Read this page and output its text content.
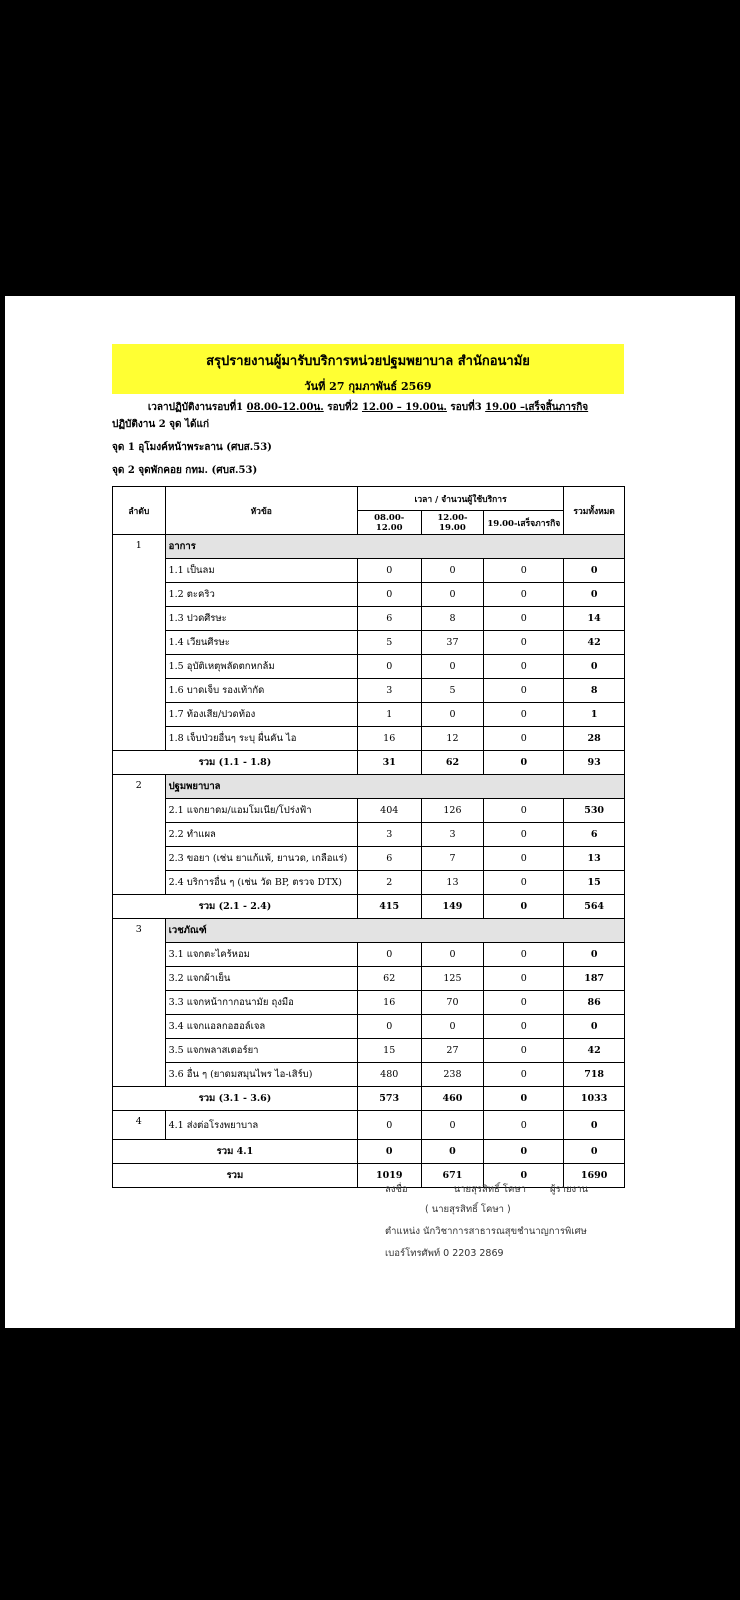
สรุปรายงานผู้มารับบริการหน่วยปฐมพยาบาล สำนักอนามัย
วันที่ 27 กุมภาพันธ์ 2569
เวลาปฏิบัติงานรอบที่1 08.00-12.00น. รอบที่2 12.00 – 19.00น. รอบที่3 19.00 –เสร็จสิ้นภารกิจ
ปฏิบัติงาน 2 จุด ได้แก่
จุด 1 อุโมงค์หน้าพระลาน (ศบส.53)
จุด 2 จุดพักคอย กทม. (ศบส.53)
ลำดับ	หัวข้อ	เวลา / จำนวนผู้ใช้บริการ			รวมทั้งหมด
		08.00-12.00	12.00-19.00	19.00-เสร็จภารกิจ	
1	อาการ				
	1.1 เป็นลม	0	0	0	0
	1.2 ตะคริว	0	0	0	0
	1.3 ปวดศีรษะ	6	8	0	14
	1.4 เวียนศีรษะ	5	37	0	42
	1.5 อุบัติเหตุพลัดตกหกล้ม	0	0	0	0
	1.6 บาดเจ็บ รองเท้ากัด	3	5	0	8
	1.7 ท้องเสีย/ปวดท้อง	1	0	0	1
	1.8 เจ็บป่วยอื่นๆ ระบุ ผื่นคัน ไอ	16	12	0	28
รวม (1.1 - 1.8)		31	62	0	93
2	ปฐมพยาบาล				
	2.1 แจกยาดม/แอมโมเนีย/โปร่งฟ้า	404	126	0	530
	2.2 ทำแผล	3	3	0	6
	2.3 ขอยา (เช่น ยาแก้แพ้, ยานวด, เกลือแร่)	6	7	0	13
	2.4 บริการอื่น ๆ (เช่น วัด BP, ตรวจ DTX)	2	13	0	15
รวม (2.1 - 2.4)		415	149	0	564
3	เวชภัณฑ์				
	3.1 แจกตะไคร้หอม	0	0	0	0
	3.2 แจกผ้าเย็น	62	125	0	187
	3.3 แจกหน้ากากอนามัย ถุงมือ	16	70	0	86
	3.4 แจกแอลกอฮอล์เจล	0	0	0	0
	3.5 แจกพลาสเตอร์ยา	15	27	0	42
	3.6 อื่น ๆ (ยาดมสมุนไพร ไอ-เสิร์บ)	480	238	0	718
รวม (3.1 - 3.6)		573	460	0	1033
4	4.1 ส่งต่อโรงพยาบาล	0	0	0	0
รวม 4.1		0	0	0	0
รวม		1019	671	0	1690
ลงชื่อ	นายสุรสิทธิ์ โคษา	ผู้รายงาน
( นายสุรสิทธิ์ โคษา )
ตำแหน่ง นักวิชาการสาธารณสุขชำนาญการพิเศษ
เบอร์โทรศัพท์ 0 2203 2869
